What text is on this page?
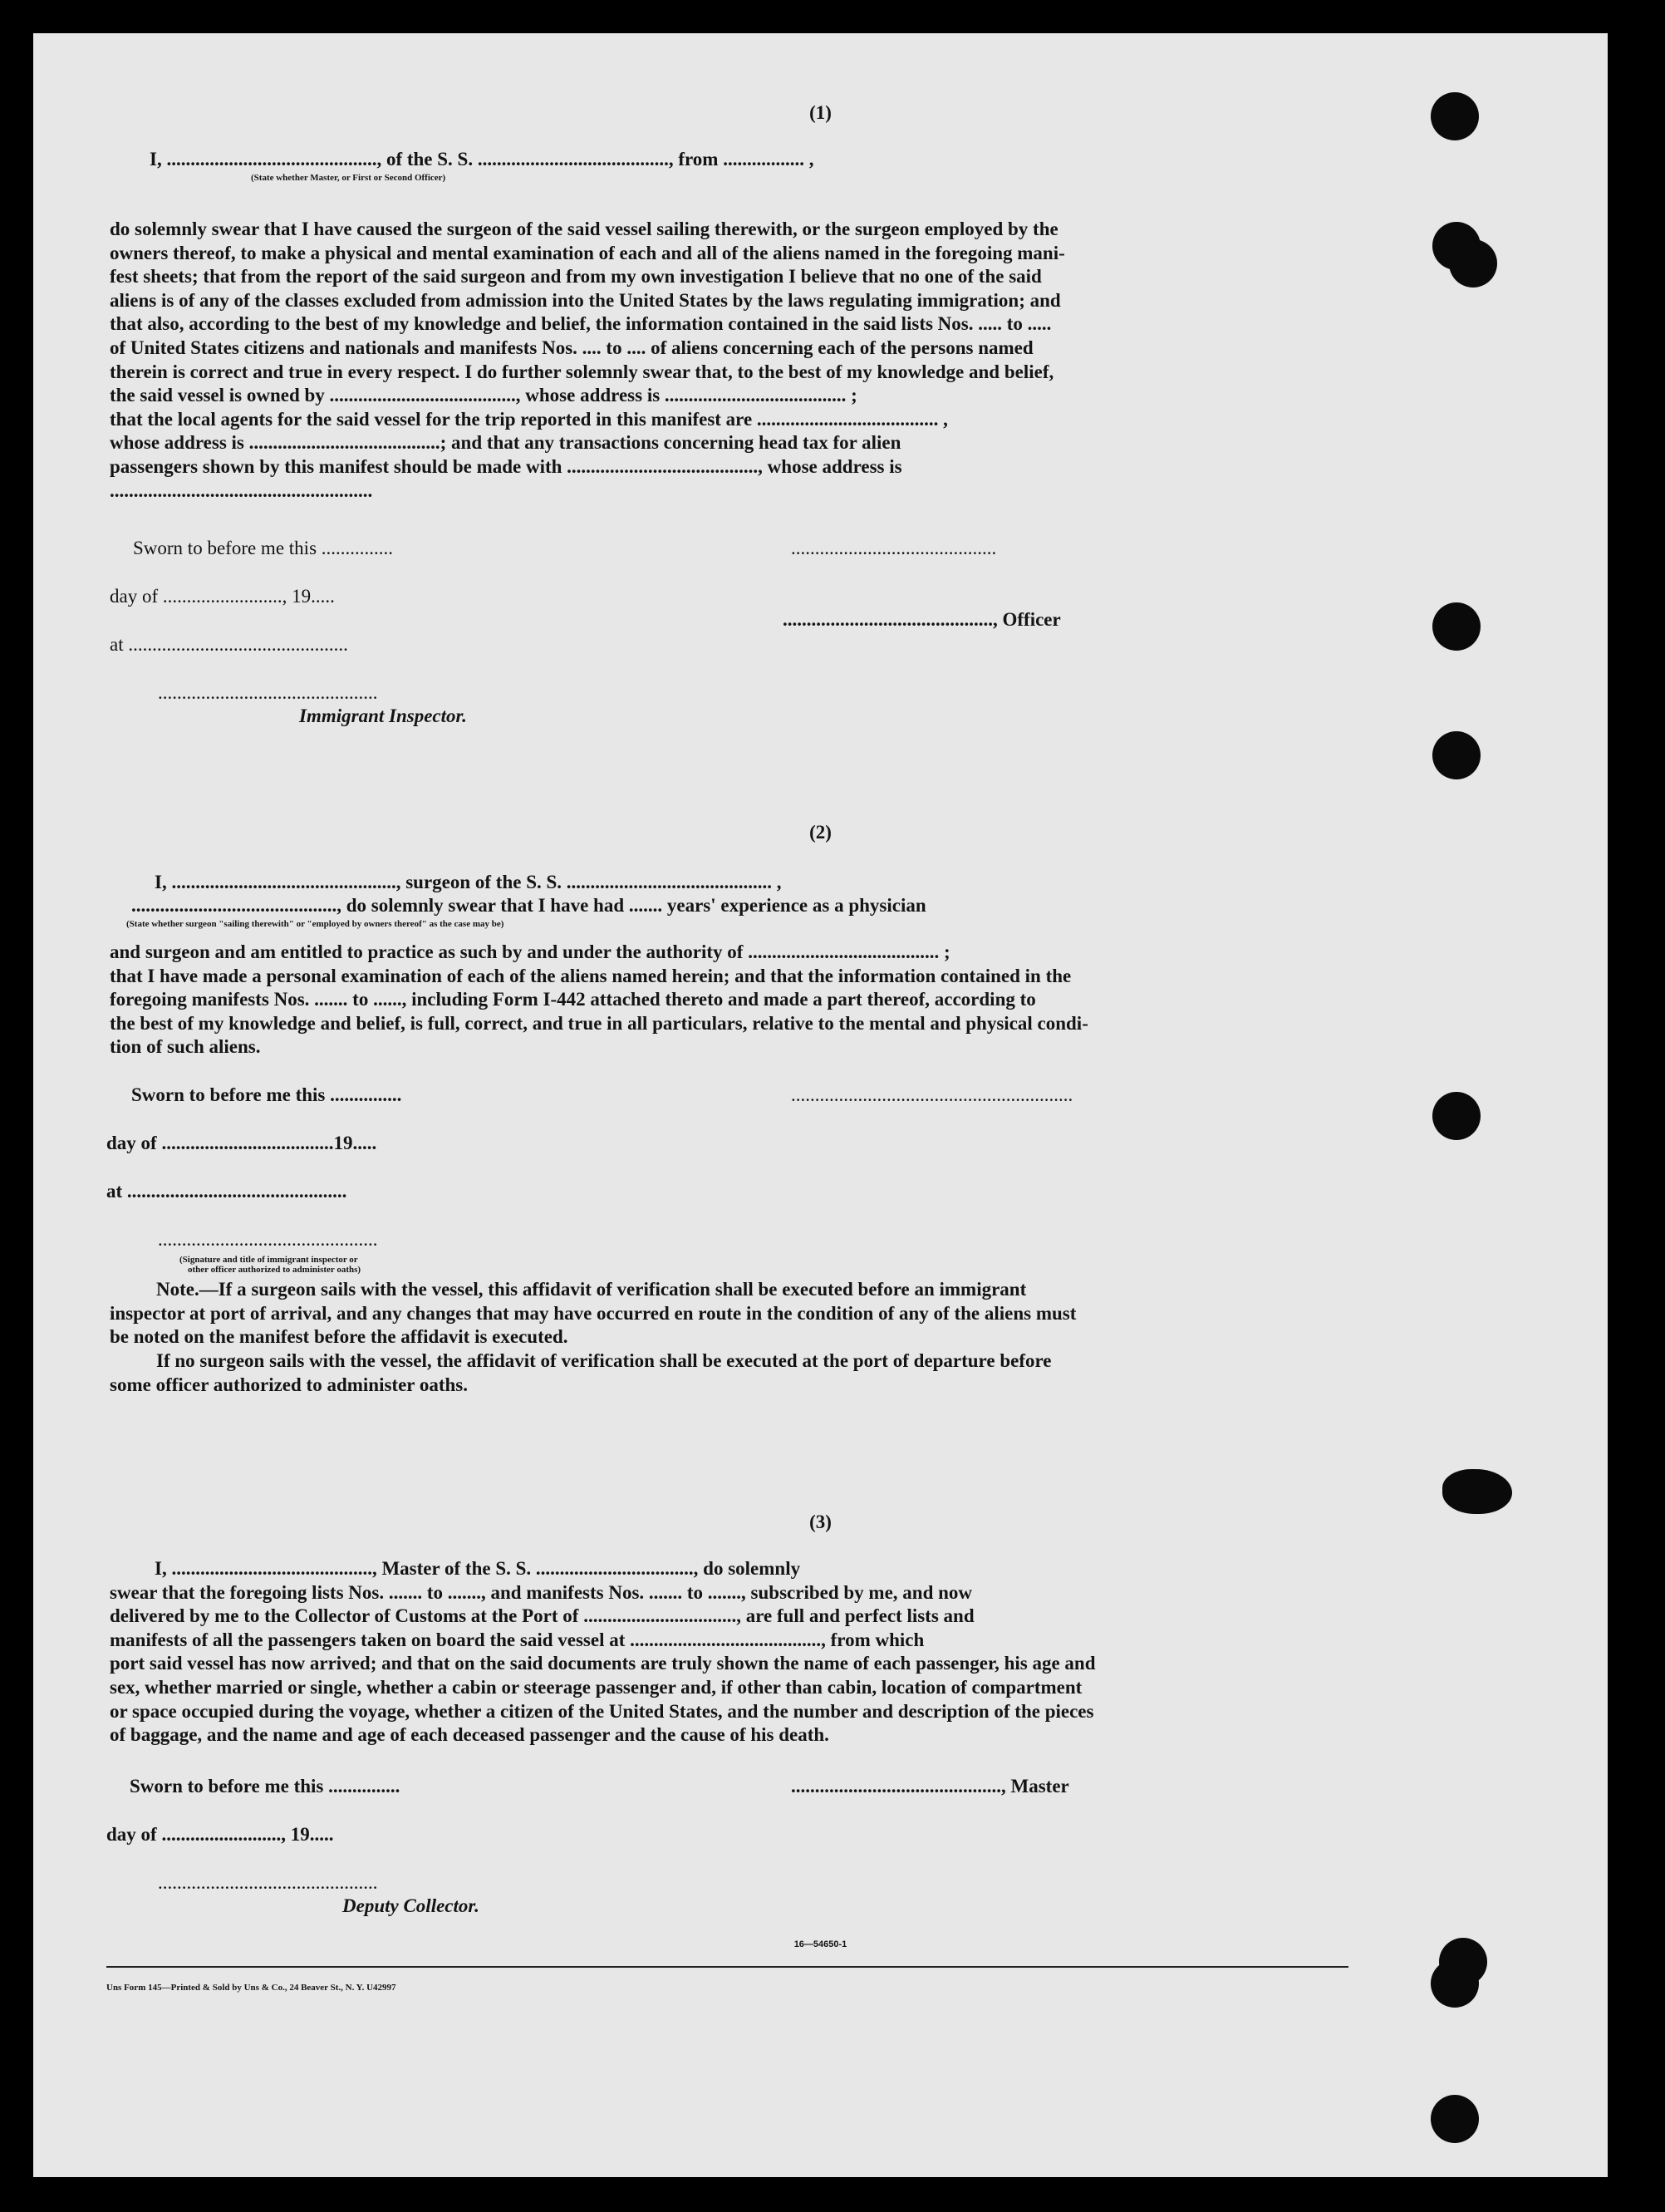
(1)
I, ............................................, of the S. S. ........................................, from ................. ,
(State whether Master, or First or Second Officer)
do solemnly swear that I have caused the surgeon of the said vessel sailing therewith, or the surgeon employed by the
owners thereof, to make a physical and mental examination of each and all of the aliens named in the foregoing mani-
fest sheets; that from the report of the said surgeon and from my own investigation I believe that no one of the said
aliens is of any of the classes excluded from admission into the United States by the laws regulating immigration; and
that also, according to the best of my knowledge and belief, the information contained in the said lists Nos. ..... to .....
of United States citizens and nationals and manifests Nos. .... to .... of aliens concerning each of the persons named
therein is correct and true in every respect. I do further solemnly swear that, to the best of my knowledge and belief,
the said vessel is owned by ......................................., whose address is ...................................... ;
that the local agents for the said vessel for the trip reported in this manifest are ...................................... ,
whose address is ........................................; and that any transactions concerning head tax for alien
passengers shown by this manifest should be made with ........................................, whose address is
.......................................................
Sworn to before me this ...............
day of ........................., 19.....
at ..............................................
..............................................
Immigrant Inspector.
...........................................
............................................, Officer
(2)
I, ..............................................., surgeon of the S. S. ........................................... ,
..........................................., do solemnly swear that I have had ....... years' experience as a physician
(State whether surgeon "sailing therewith" or "employed by owners thereof" as the case may be)
and surgeon and am entitled to practice as such by and under the authority of ........................................ ;
that I have made a personal examination of each of the aliens named herein; and that the information contained in the
foregoing manifests Nos. ....... to ......, including Form I-442 attached thereto and made a part thereof, according to
the best of my knowledge and belief, is full, correct, and true in all particulars, relative to the mental and physical condi-
tion of such aliens.
Sworn to before me this ...............
day of ....................................19.....
at ..............................................
..............................................
(Signature and title of immigrant inspector or
other officer authorized to administer oaths)
...........................................................
Note.—If a surgeon sails with the vessel, this affidavit of verification shall be executed before an immigrant
inspector at port of arrival, and any changes that may have occurred en route in the condition of any of the aliens must
be noted on the manifest before the affidavit is executed.
If no surgeon sails with the vessel, the affidavit of verification shall be executed at the port of departure before
some officer authorized to administer oaths.
(3)
I, .........................................., Master of the S. S. ................................., do solemnly
swear that the foregoing lists Nos. ....... to ......., and manifests Nos. ....... to ......., subscribed by me, and now
delivered by me to the Collector of Customs at the Port of ................................, are full and perfect lists and
manifests of all the passengers taken on board the said vessel at ........................................, from which
port said vessel has now arrived; and that on the said documents are truly shown the name of each passenger, his age and
sex, whether married or single, whether a cabin or steerage passenger and, if other than cabin, location of compartment
or space occupied during the voyage, whether a citizen of the United States, and the number and description of the pieces
of baggage, and the name and age of each deceased passenger and the cause of his death.
Sworn to before me this ...............
day of ........................., 19.....
..............................................
Deputy Collector.
............................................, Master
16—54650-1
Uns Form 145—Printed & Sold by Uns & Co., 24 Beaver St., N. Y. U42997
